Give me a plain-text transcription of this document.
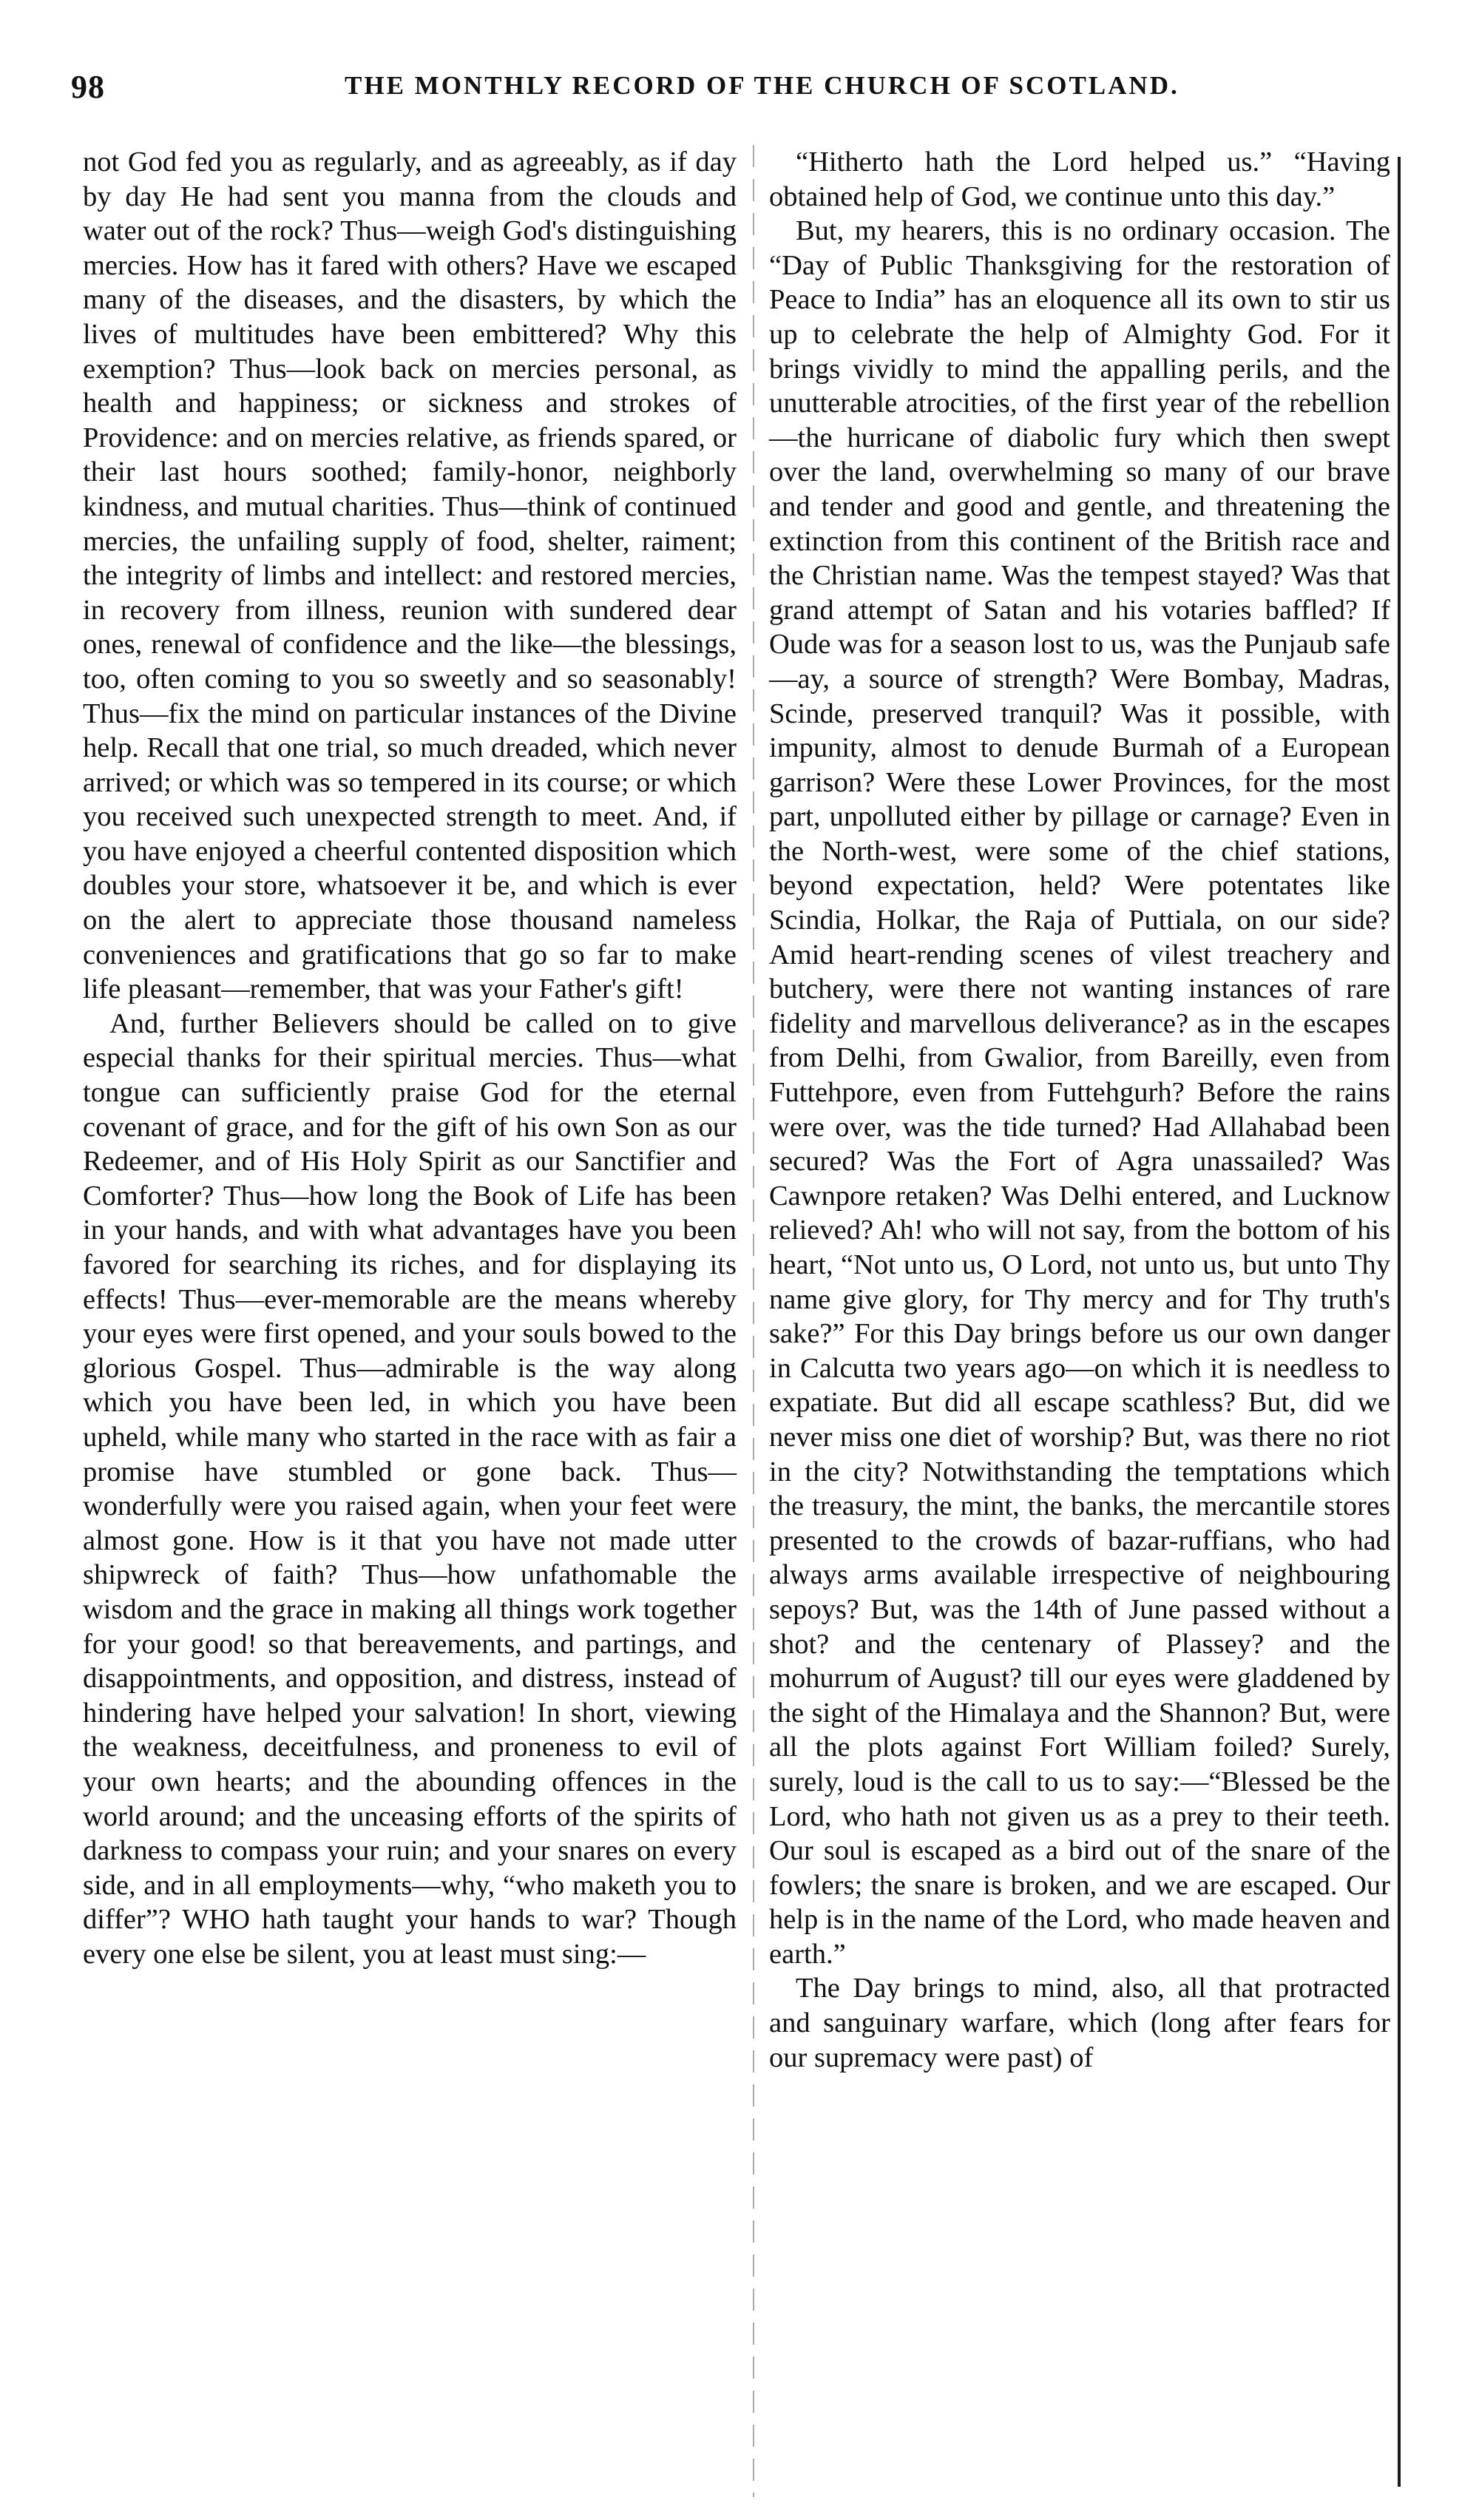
98	THE MONTHLY RECORD OF THE CHURCH OF SCOTLAND.

not God fed you as regularly, and as agreeably, as if day by day He had sent you manna from the clouds and water out of the rock? Thus—weigh God's distinguishing mercies. How has it fared with others? Have we escaped many of the diseases, and the disasters, by which the lives of multitudes have been embittered? Why this exemption? Thus—look back on mercies personal, as health and happiness; or sickness and strokes of Providence: and on mercies relative, as friends spared, or their last hours soothed; family-honor, neighborly kindness, and mutual charities. Thus—think of continued mercies, the unfailing supply of food, shelter, raiment; the integrity of limbs and intellect: and restored mercies, in recovery from illness, reunion with sundered dear ones, renewal of confidence and the like—the blessings, too, often coming to you so sweetly and so seasonably! Thus—fix the mind on particular instances of the Divine help. Recall that one trial, so much dreaded, which never arrived; or which was so tempered in its course; or which you received such unexpected strength to meet. And, if you have enjoyed a cheerful contented disposition which doubles your store, whatsoever it be, and which is ever on the alert to appreciate those thousand nameless conveniences and gratifications that go so far to make life pleasant—remember, that was your Father's gift!

And, further Believers should be called on to give especial thanks for their spiritual mercies. Thus—what tongue can sufficiently praise God for the eternal covenant of grace, and for the gift of his own Son as our Redeemer, and of His Holy Spirit as our Sanctifier and Comforter? Thus—how long the Book of Life has been in your hands, and with what advantages have you been favored for searching its riches, and for displaying its effects! Thus—ever-memorable are the means whereby your eyes were first opened, and your souls bowed to the glorious Gospel. Thus—admirable is the way along which you have been led, in which you have been upheld, while many who started in the race with as fair a promise have stumbled or gone back. Thus—wonderfully were you raised again, when your feet were almost gone. How is it that you have not made utter shipwreck of faith? Thus—how unfathomable the wisdom and the grace in making all things work together for your good! so that bereavements, and partings, and disappointments, and opposition, and distress, instead of hindering have helped your salvation! In short, viewing the weakness, deceitfulness, and proneness to evil of your own hearts; and the abounding offences in the world around; and the unceasing efforts of the spirits of darkness to compass your ruin; and your snares on every side, and in all employments—why, “who maketh you to differ”? WHO hath taught your hands to war? Though every one else be silent, you at least must sing:—

“Hitherto hath the Lord helped us.” “Having obtained help of God, we continue unto this day.”

But, my hearers, this is no ordinary occasion. The “Day of Public Thanksgiving for the restoration of Peace to India” has an eloquence all its own to stir us up to celebrate the help of Almighty God. For it brings vividly to mind the appalling perils, and the unutterable atrocities, of the first year of the rebellion—the hurricane of diabolic fury which then swept over the land, overwhelming so many of our brave and tender and good and gentle, and threatening the extinction from this continent of the British race and the Christian name. Was the tempest stayed? Was that grand attempt of Satan and his votaries baffled? If Oude was for a season lost to us, was the Punjaub safe—ay, a source of strength? Were Bombay, Madras, Scinde, preserved tranquil? Was it possible, with impunity, almost to denude Burmah of a European garrison? Were these Lower Provinces, for the most part, unpolluted either by pillage or carnage? Even in the North-west, were some of the chief stations, beyond expectation, held? Were potentates like Scindia, Holkar, the Raja of Puttiala, on our side? Amid heart-rending scenes of vilest treachery and butchery, were there not wanting instances of rare fidelity and marvellous deliverance? as in the escapes from Delhi, from Gwalior, from Bareilly, even from Futtehpore, even from Futtehgurh? Before the rains were over, was the tide turned? Had Allahabad been secured? Was the Fort of Agra unassailed? Was Cawnpore retaken? Was Delhi entered, and Lucknow relieved? Ah! who will not say, from the bottom of his heart, “Not unto us, O Lord, not unto us, but unto Thy name give glory, for Thy mercy and for Thy truth's sake?” For this Day brings before us our own danger in Calcutta two years ago—on which it is needless to expatiate. But did all escape scathless? But, did we never miss one diet of worship? But, was there no riot in the city? Notwithstanding the temptations which the treasury, the mint, the banks, the mercantile stores presented to the crowds of bazar-ruffians, who had always arms available irrespective of neighbouring sepoys? But, was the 14th of June passed without a shot? and the centenary of Plassey? and the mohurrum of August? till our eyes were gladdened by the sight of the Himalaya and the Shannon? But, were all the plots against Fort William foiled? Surely, surely, loud is the call to us to say:—“Blessed be the Lord, who hath not given us as a prey to their teeth. Our soul is escaped as a bird out of the snare of the fowlers; the snare is broken, and we are escaped. Our help is in the name of the Lord, who made heaven and earth.”

The Day brings to mind, also, all that protracted and sanguinary warfare, which (long after fears for our supremacy were past) of
